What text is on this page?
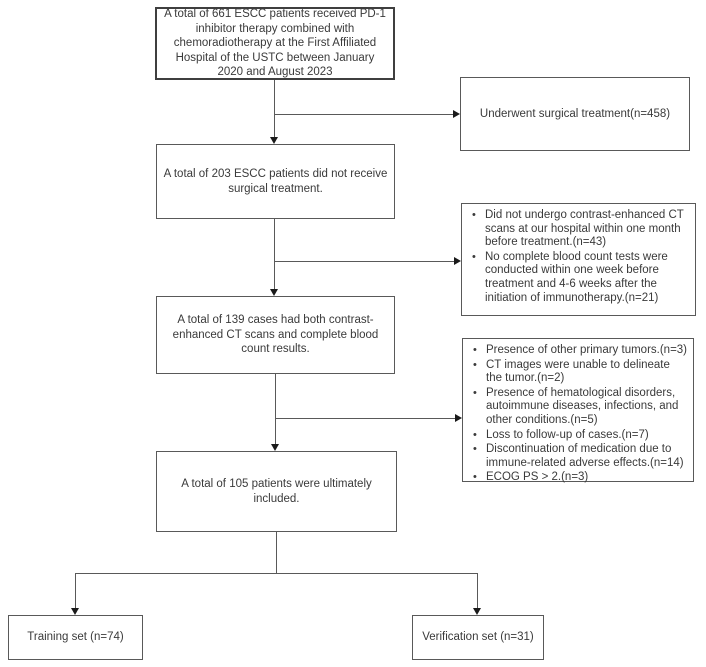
A total of 661 ESCC patients received PD-1 inhibitor therapy combined with chemoradiotherapy at the First Affiliated Hospital of the USTC between January 2020 and August 2023
A total of 203 ESCC patients did not receive surgical treatment.
A total of 139 cases had both contrast-enhanced CT scans and complete blood count results.
A total of 105 patients were ultimately included.
Training set (n=74)	Verification set (n=31)
Underwent surgical treatment(n=458)
• Did not undergo contrast-enhanced CT scans at our hospital within one month before treatment.(n=43)
• No complete blood count tests were conducted within one week before treatment and 4-6 weeks after the initiation of immunotherapy.(n=21)
• Presence of other primary tumors.(n=3)
• CT images were unable to delineate the tumor.(n=2)
• Presence of hematological disorders, autoimmune diseases, infections, and other conditions.(n=5)
• Loss to follow-up of cases.(n=7)
• Discontinuation of medication due to immune-related adverse effects.(n=14)
• ECOG PS > 2.(n=3)
